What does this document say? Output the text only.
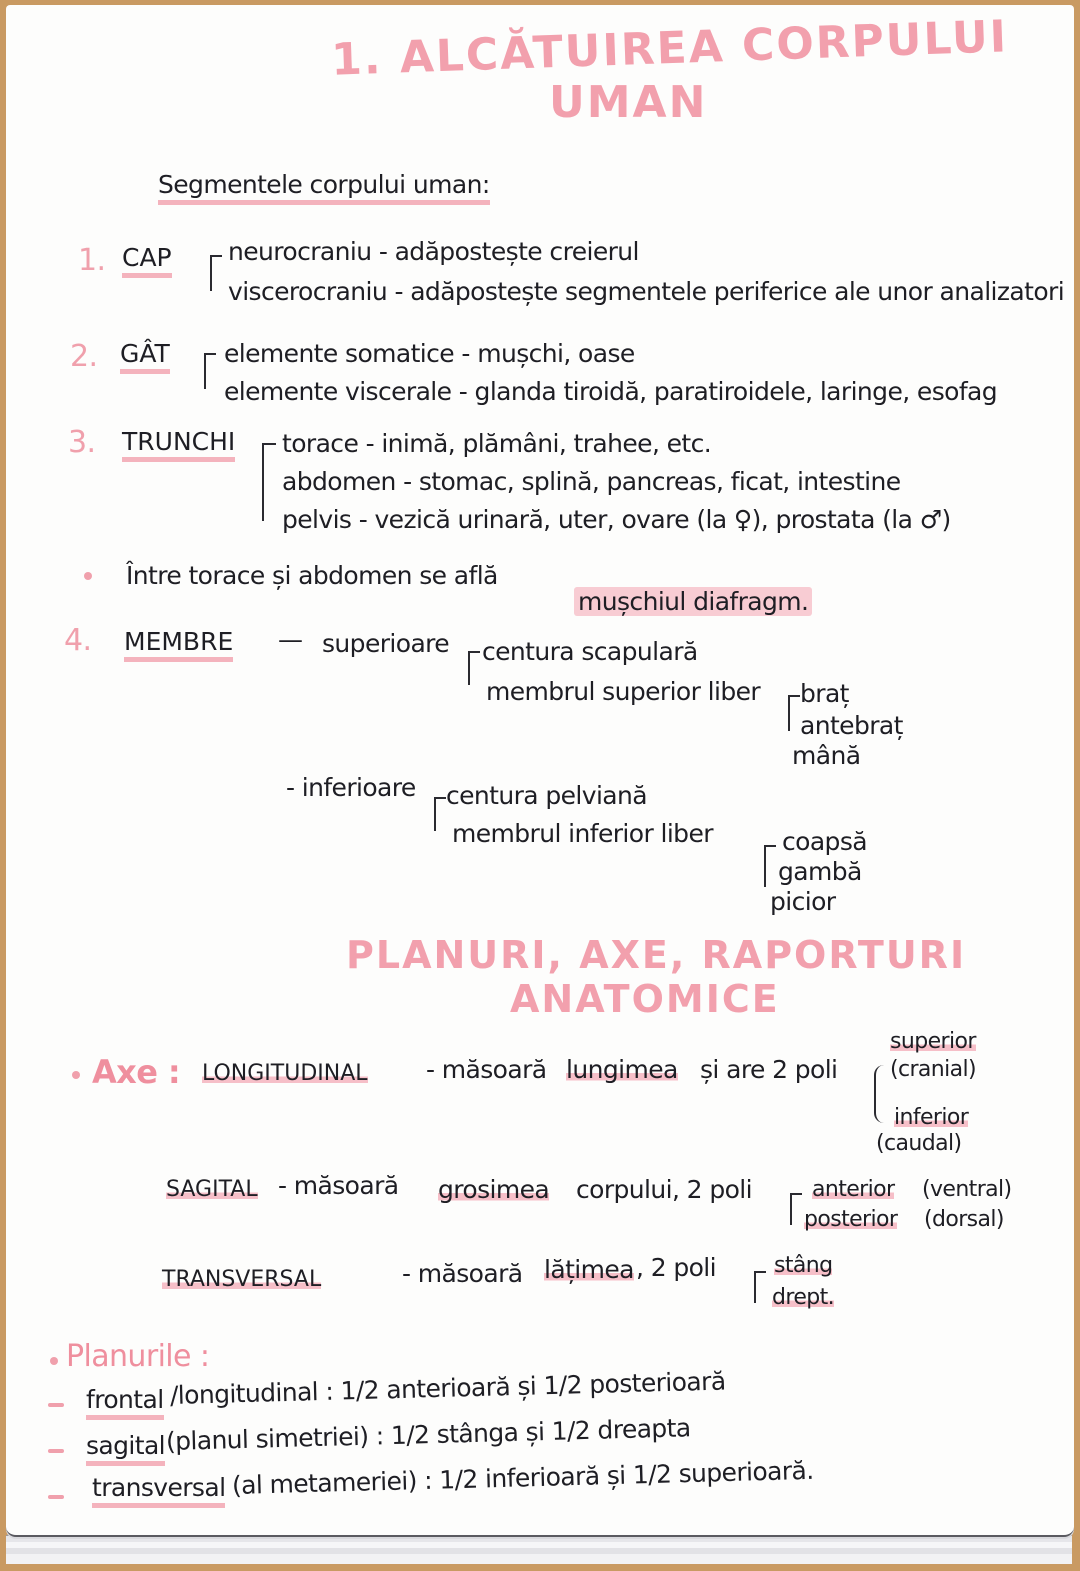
1. ALCĂTUIREA CORPULUI
UMAN
Segmentele corpului uman:
1. CAP neurocraniu - adăpostește creierul
viscerocraniu - adăpostește segmentele periferice ale unor analizatori
2. GÂT elemente somatice - mușchi, oase
elemente viscerale - glanda tiroidă, paratiroidele, laringe, esofag
3. TRUNCHI torace - inimă, plămâni, trahee, etc.
abdomen - stomac, splină, pancreas, ficat, intestine
pelvis - vezică urinară, uter, ovare (la ♀), prostata (la ♂)
Între torace și abdomen se află
mușchiul diafragm.
4. MEMBRE — superioare centura scapulară
membrul superior liber braț
antebraț
mână
- inferioare centura pelviană
membrul inferior liber	coapsă
gambă
picior
PLANURI, AXE, RAPORTURI
ANATOMICE
Axe : LONGITUDINAL - măsoară lungimea și are 2 poli
superior
(cranial)
inferior
(caudal)
SAGITAL - măsoară grosimea corpului, 2 poli	anterior (ventral)
posterior (dorsal)
TRANSVERSAL	- măsoară lățimea , 2 poli	stâng
drept.
Planurile :
frontal /longitudinal : 1/2 anterioară și 1/2 posterioară
sagital (planul simetriei) : 1/2 stânga și 1/2 dreapta
transversal (al metameriei) : 1/2 inferioară și 1/2 superioară.
